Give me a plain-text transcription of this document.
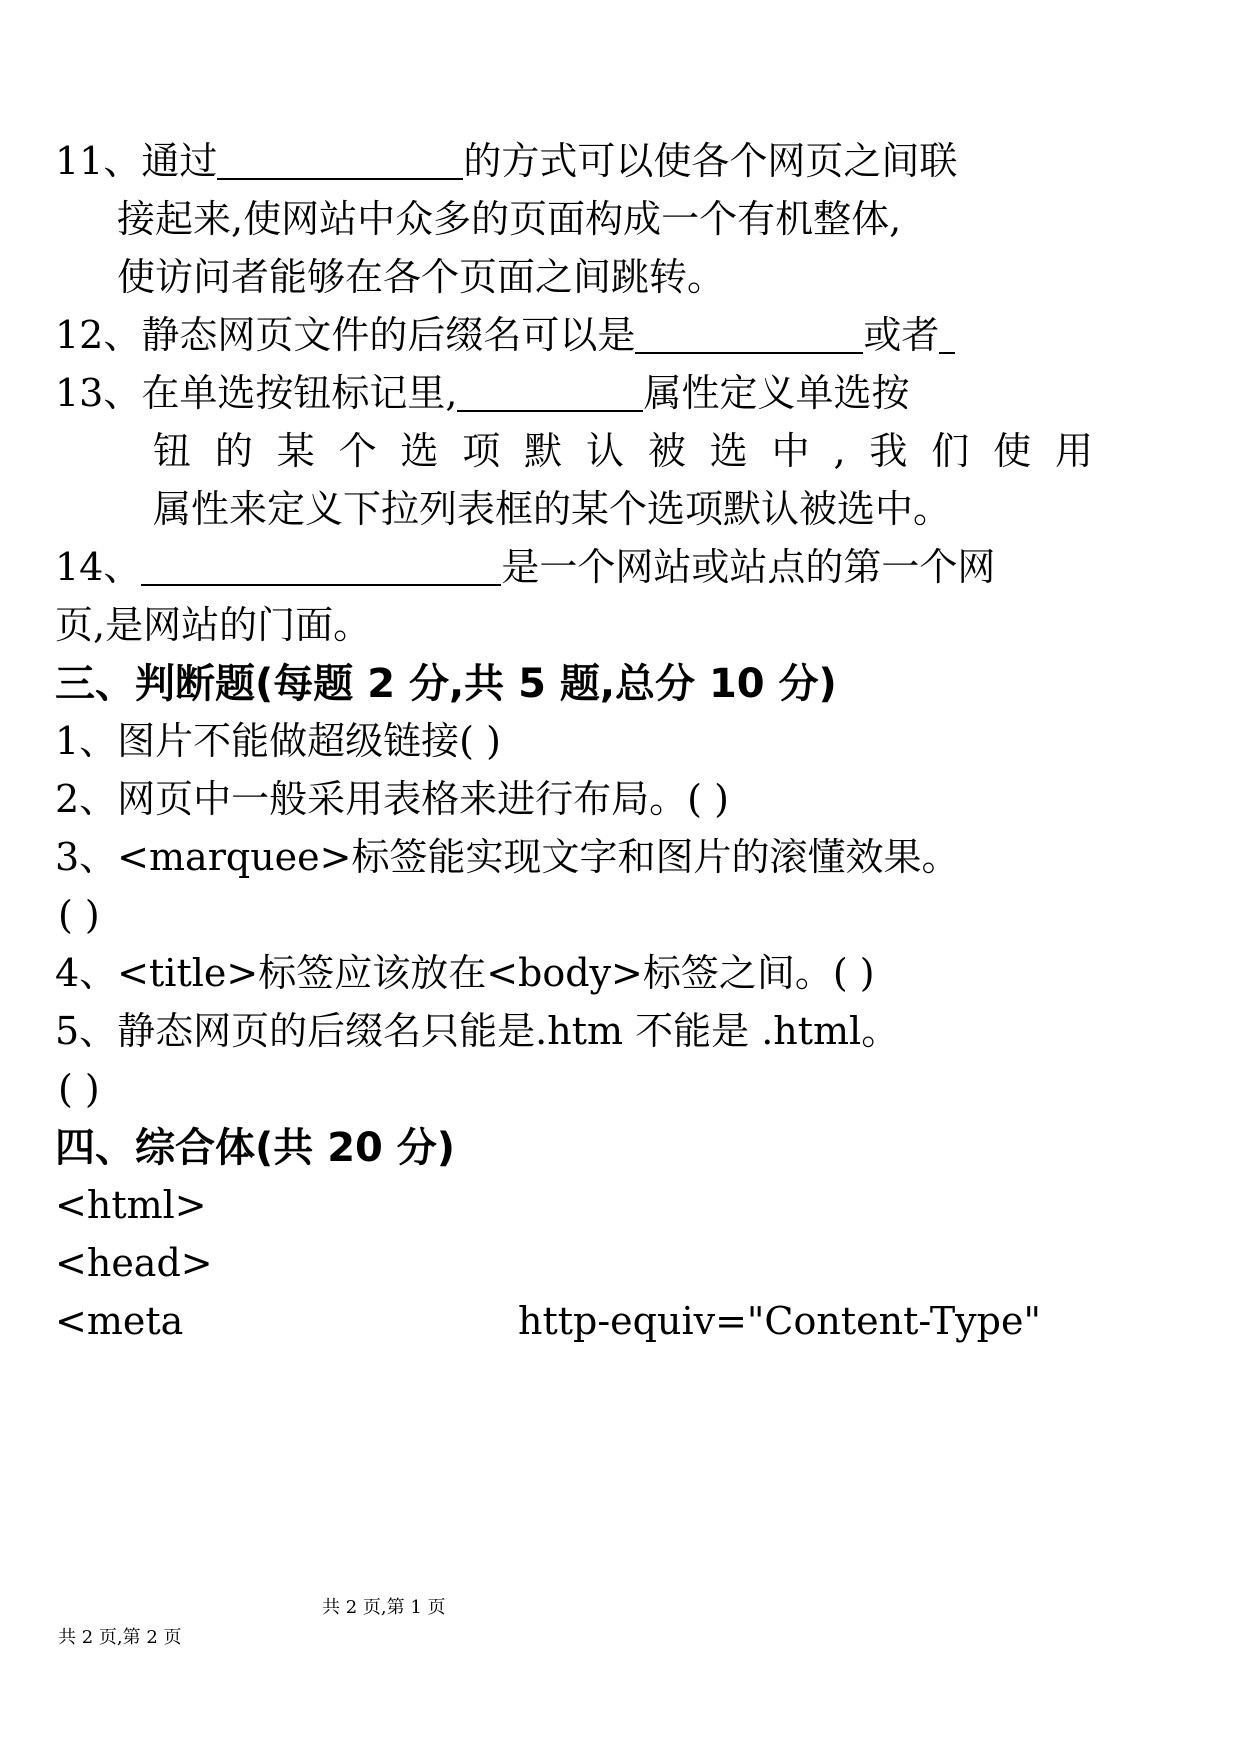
11、通过	的方式可以使各个网页之间联
接起来,使网站中众多的页面构成一个有机整体,
使访问者能够在各个页面之间跳转。
12、静态网页文件的后缀名可以是	或者
13、在单选按钮标记里,	属性定义单选按
钮 的 某 个 选 项 默 认 被 选 中 , 我 们 使 用
属性来定义下拉列表框的某个选项默认被选中。
14、	是一个网站或站点的第一个网
页,是网站的门面。
三、判断题(每题 2 分,共 5 题,总分 10 分)
1、图片不能做超级链接( )
2、网页中一般采用表格来进行布局。( )
3、<marquee>标签能实现文字和图片的滚懂效果。
( )
4、<title>标签应该放在<body>标签之间。( )
5、静态网页的后缀名只能是.htm 不能是 .html。
( )
四、综合体(共 20 分)
<html>
<head>
<meta	http-equiv="Content-Type"
共 2 页,第 1 页
共 2 页,第 2 页
